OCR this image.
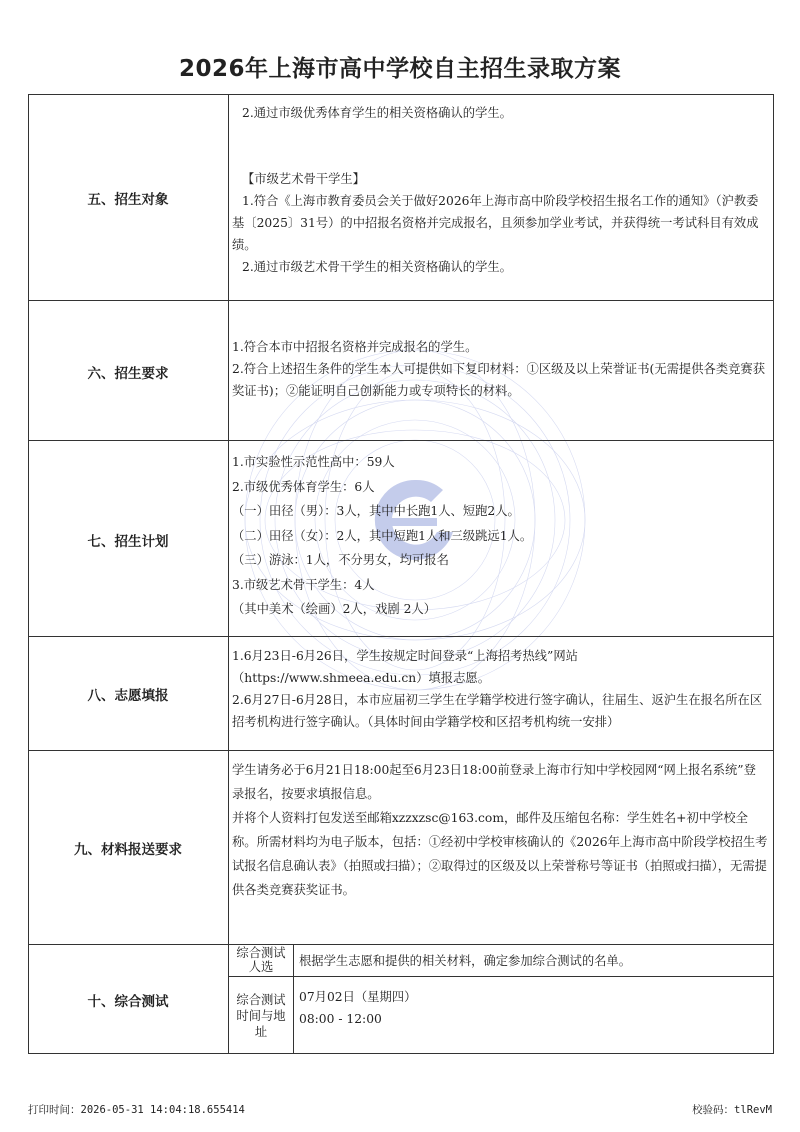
2026年上海市高中学校自主招生录取方案
五、招生对象

2.通过市级优秀体育学生的相关资格确认的学生。

【市级艺术骨干学生】

1.符合《上海市教育委员会关于做好2026年上海市高中阶段学校招生报名工作的通知》（沪教委基〔2025〕31号）的中招报名资格并完成报名，且须参加学业考试，并获得统一考试科目有效成绩。

2.通过市级艺术骨干学生的相关资格确认的学生。

六、招生要求

1.符合本市中招报名资格并完成报名的学生。

2.符合上述招生条件的学生本人可提供如下复印材料：①区级及以上荣誉证书(无需提供各类竞赛获奖证书)；②能证明自己创新能力或专项特长的材料。

七、招生计划

1.市实验性示范性高中：59人

2.市级优秀体育学生：6人

（一）田径（男）：3人，其中中长跑1人、短跑2人。

（二）田径（女）：2人，其中短跑1人和三级跳远1人。

（三）游泳：1人，不分男女，均可报名

3.市级艺术骨干学生：4人

（其中美术（绘画）2人，戏剧 2人）

八、志愿填报

1.6月23日-6月26日，学生按规定时间登录“上海招考热线”网站（https://www.shmeea.edu.cn）填报志愿。

2.6月27日-6月28日，本市应届初三学生在学籍学校进行签字确认，往届生、返沪生在报名所在区招考机构进行签字确认。（具体时间由学籍学校和区招考机构统一安排）

九、材料报送要求

学生请务必于6月21日18:00起至6月23日18:00前登录上海市行知中学校园网“网上报名系统”登录报名，按要求填报信息。

并将个人资料打包发送至邮箱xzzxzsc@163.com，邮件及压缩包名称：学生姓名+初中学校全称。所需材料均为电子版本，包括：①经初中学校审核确认的《2026年上海市高中阶段学校招生考试报名信息确认表》（拍照或扫描）；②取得过的区级及以上荣誉称号等证书（拍照或扫描），无需提供各类竞赛获奖证书。

十、综合测试
综合测试人选	根据学生志愿和提供的相关材料，确定参加综合测试的名单。

综合测试时间与地址

07月02日（星期四）

08:00 - 12:00

打印时间：2026-05-31 14:04:18.655414	校验码：tlRevM
